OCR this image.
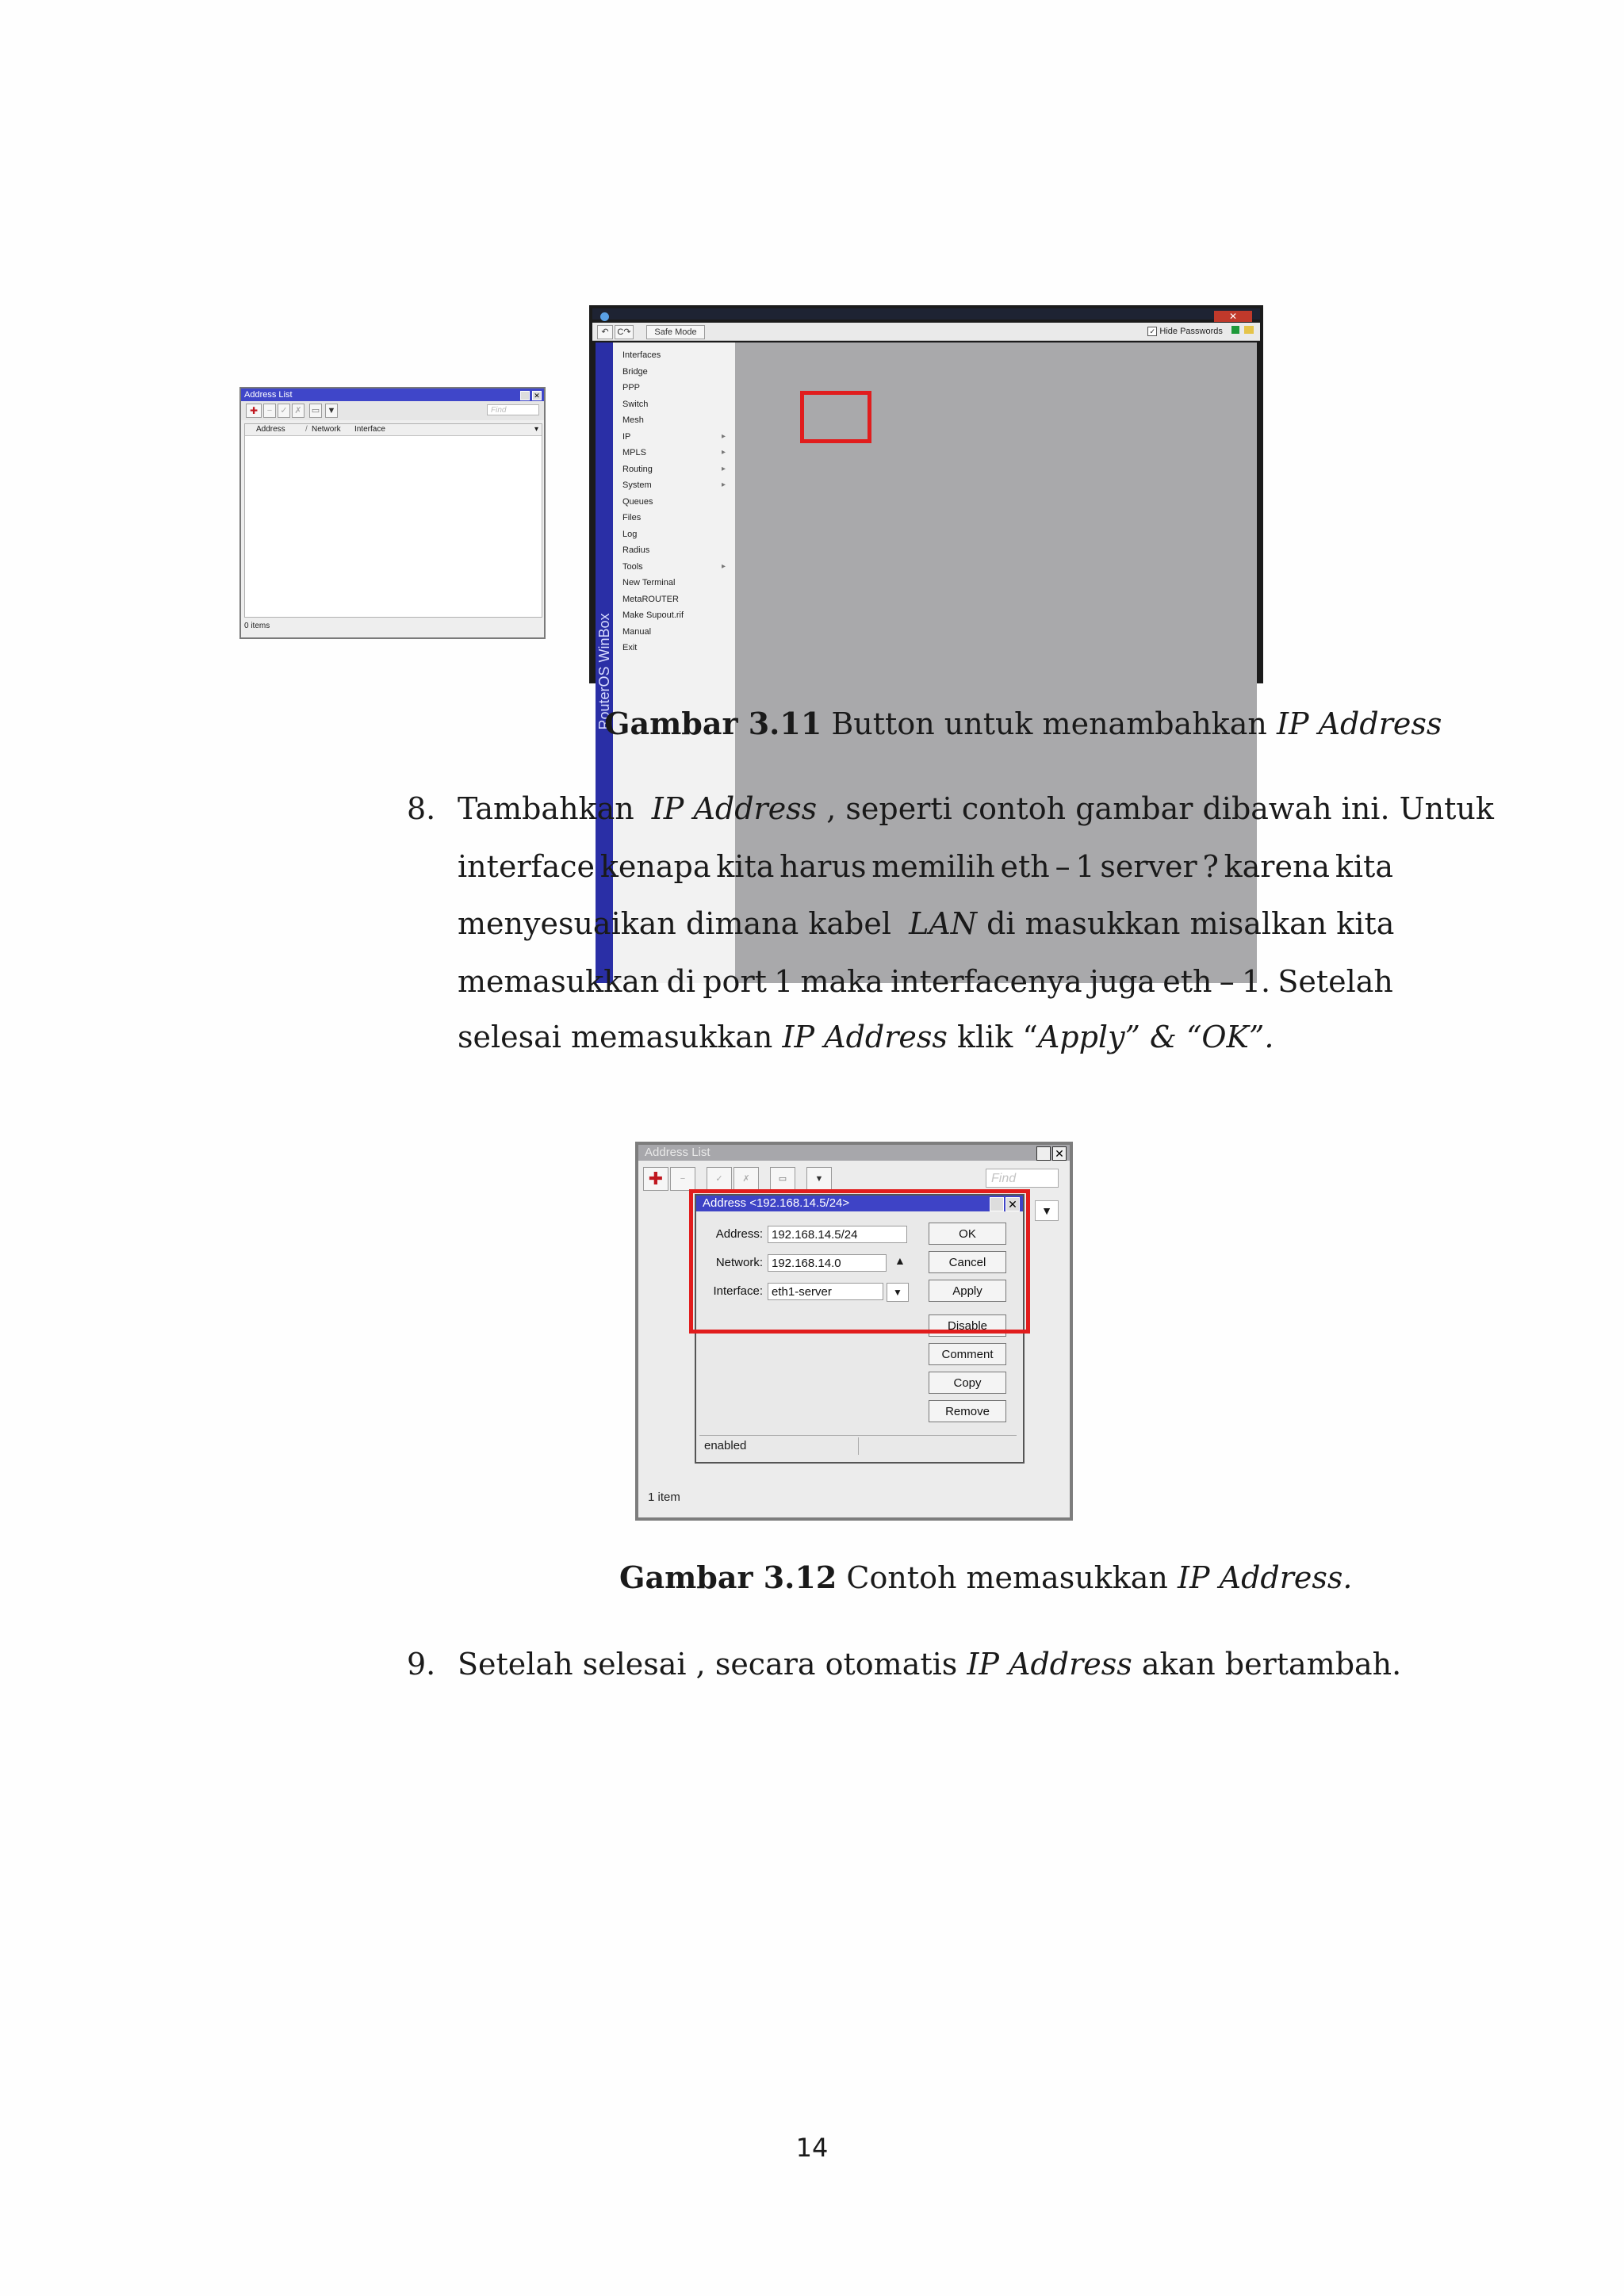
✕
↶ C↷	Safe Mode	✓ Hide Passwords
RouterOS WinBox
Interfaces
Bridge
PPP
Switch
Mesh
IP	▸
MPLS	▸
Routing	▸
System	▸
Queues
Files
Log
Radius
Tools	▸
New Terminal
MetaROUTER
Make Supout.rif
Manual
Exit
Address List	✕
✚	− ✓ ✗	▭ ▼	Find
Address	/ Network Interface	▾
0 items
Gambar 3.11 Button untuk menambahkan IP Address
8. Tambahkan IP Address , seperti contoh gambar dibawah ini. Untuk
interface kenapa kita harus memilih eth – 1 server ? karena kita
menyesuaikan dimana kabel LAN di masukkan misalkan kita
memasukkan di port 1 maka interfacenya juga eth – 1. Setelah
selesai memasukkan IP Address klik “Apply” & “OK”.
Address List	✕
✚	−	✓	✗	▭	▼	Find
▼
1 item
Address <192.168.14.5/24>	✕
Address: 192.168.14.5/24
Network: 192.168.14.0	▲
Interface: eth1-server	▼
OK
Cancel
Apply
Disable
Comment
Copy
Remove
enabled
Gambar 3.12 Contoh memasukkan IP Address.
9. Setelah selesai , secara otomatis IP Address akan bertambah.
14
